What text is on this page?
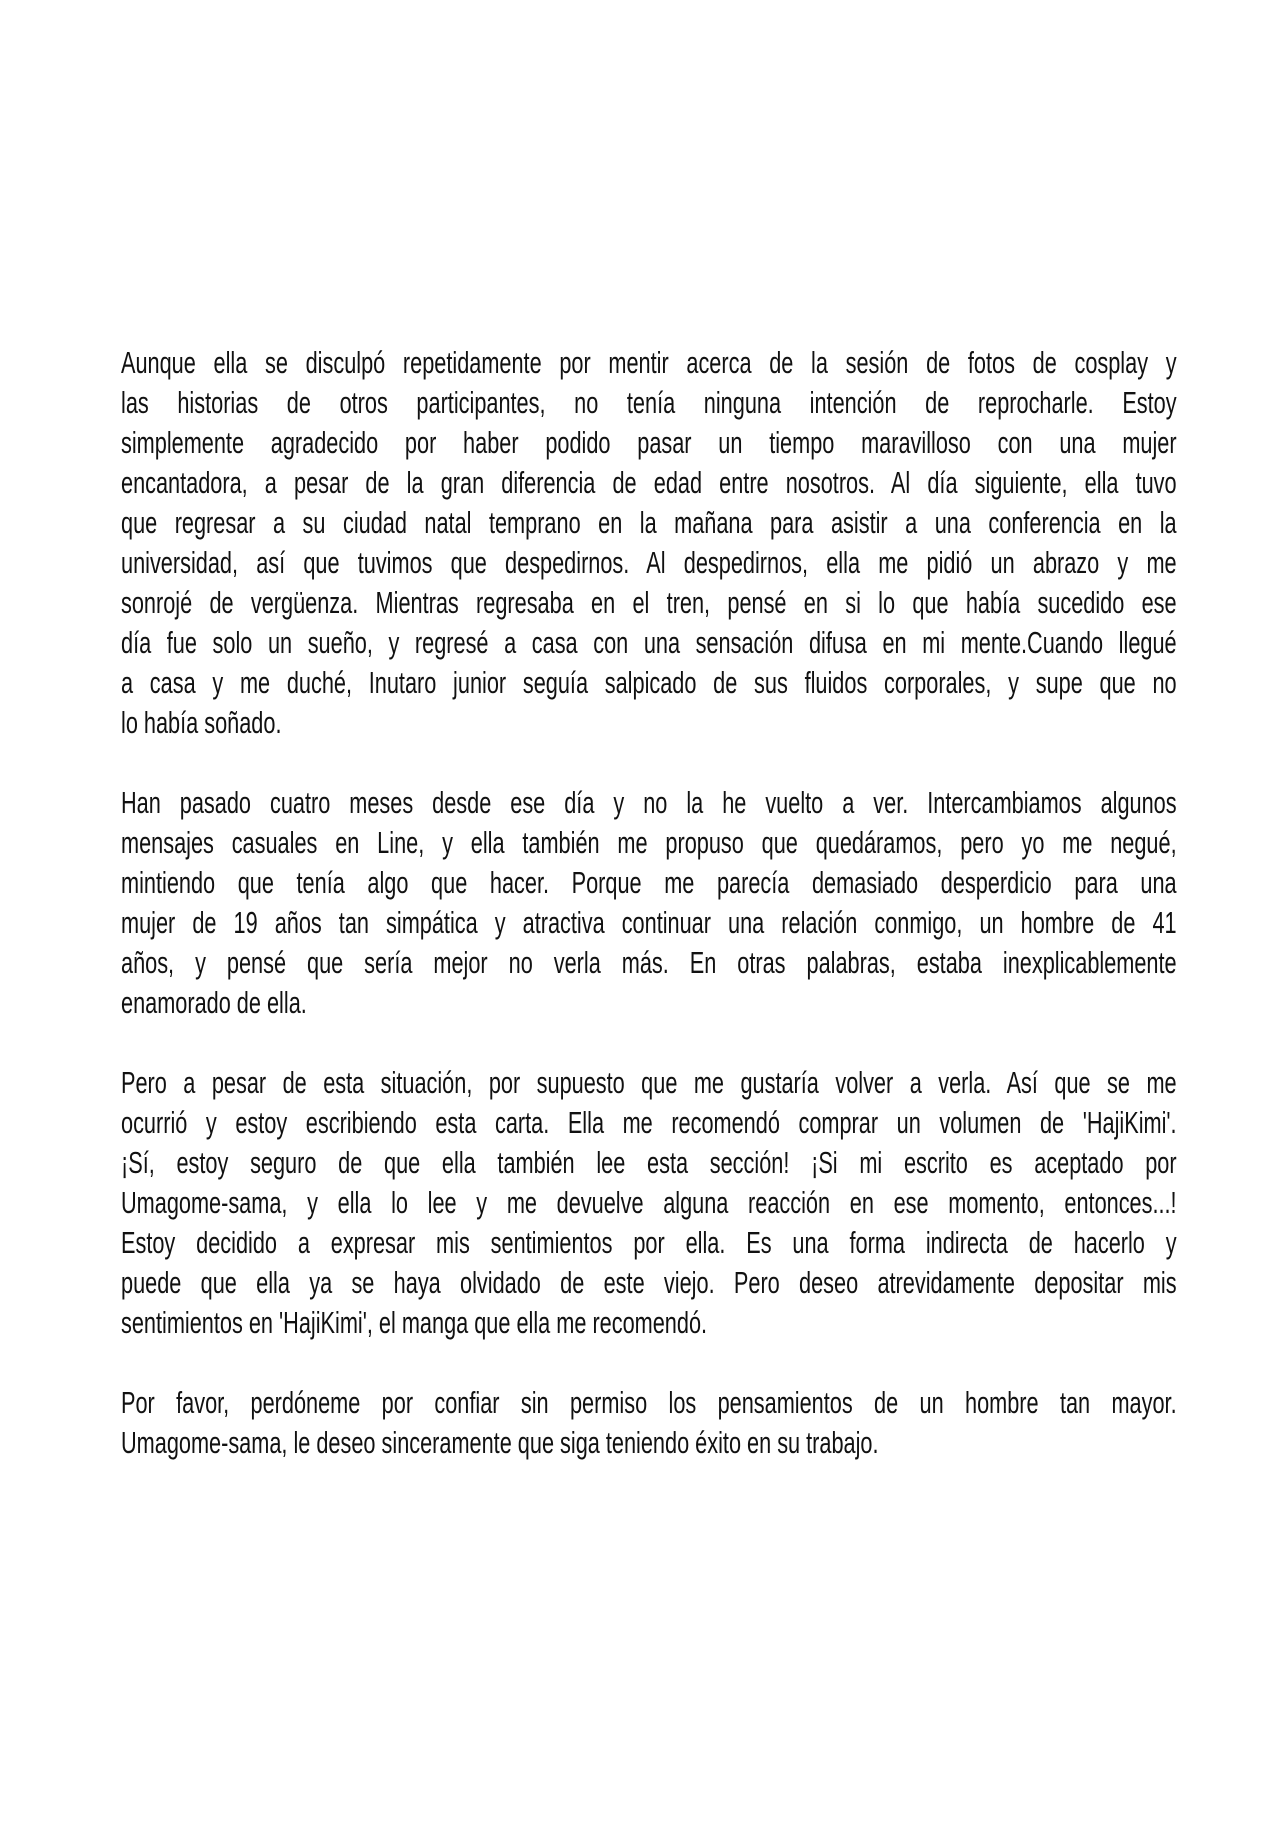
Aunque ella se disculpó repetidamente por mentir acerca de la sesión de fotos de cosplay y
las historias de otros participantes, no tenía ninguna intención de reprocharle. Estoy
simplemente agradecido por haber podido pasar un tiempo maravilloso con una mujer
encantadora, a pesar de la gran diferencia de edad entre nosotros. Al día siguiente, ella tuvo
que regresar a su ciudad natal temprano en la mañana para asistir a una conferencia en la
universidad, así que tuvimos que despedirnos. Al despedirnos, ella me pidió un abrazo y me
sonrojé de vergüenza. Mientras regresaba en el tren, pensé en si lo que había sucedido ese
día fue solo un sueño, y regresé a casa con una sensación difusa en mi mente.Cuando llegué
a casa y me duché, Inutaro junior seguía salpicado de sus fluidos corporales, y supe que no
lo había soñado.
Han pasado cuatro meses desde ese día y no la he vuelto a ver. Intercambiamos algunos
mensajes casuales en Line, y ella también me propuso que quedáramos, pero yo me negué,
mintiendo que tenía algo que hacer. Porque me parecía demasiado desperdicio para una
mujer de 19 años tan simpática y atractiva continuar una relación conmigo, un hombre de 41
años, y pensé que sería mejor no verla más. En otras palabras, estaba inexplicablemente
enamorado de ella.
Pero a pesar de esta situación, por supuesto que me gustaría volver a verla. Así que se me
ocurrió y estoy escribiendo esta carta. Ella me recomendó comprar un volumen de 'HajiKimi'.
¡Sí, estoy seguro de que ella también lee esta sección! ¡Si mi escrito es aceptado por
Umagome-sama, y ella lo lee y me devuelve alguna reacción en ese momento, entonces...!
Estoy decidido a expresar mis sentimientos por ella. Es una forma indirecta de hacerlo y
puede que ella ya se haya olvidado de este viejo. Pero deseo atrevidamente depositar mis
sentimientos en 'HajiKimi', el manga que ella me recomendó.
Por favor, perdóneme por confiar sin permiso los pensamientos de un hombre tan mayor.
Umagome-sama, le deseo sinceramente que siga teniendo éxito en su trabajo.
